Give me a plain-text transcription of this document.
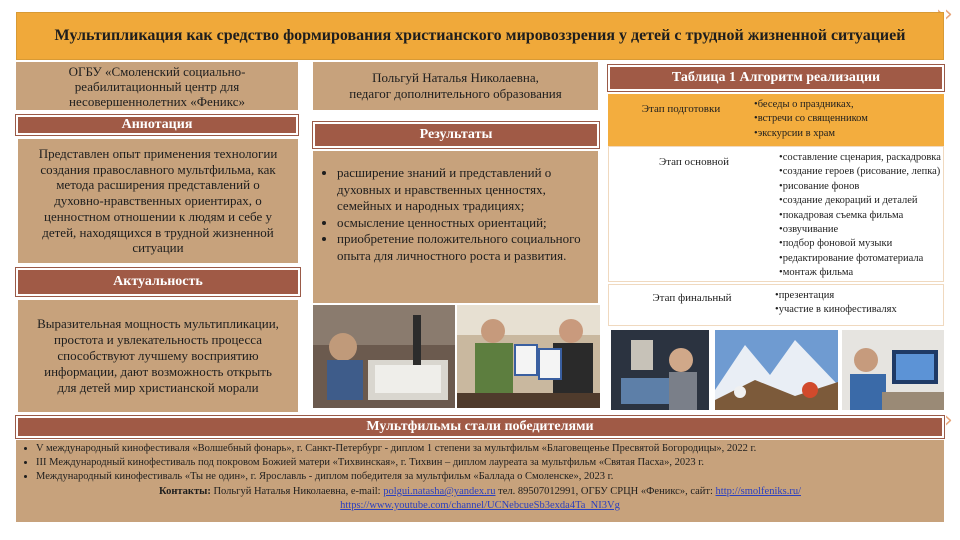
›
›
Мультипликация как средство формирования христианского мировоззрения у детей с трудной жизненной ситуацией
ОГБУ «Смоленский социально-реабилитационный центр для несовершеннолетних «Феникс»
Аннотация
Представлен опыт применения технологии создания православного мультфильма, как метода расширения представлений о духовно-нравственных ориентирах, о ценностном отношении к людям и себе у детей, находящихся в трудной жизненной ситуации
Актуальность
Выразительная мощность мультипликации, простота и увлекательность процесса способствуют лучшему восприятию информации, дают возможность открыть для детей мир христианской морали
Польгуй Наталья Николаевна,
педагог дополнительного образования
Результаты
• расширение знаний и представлений о духовных и нравственных ценностях, семейных и народных традициях;
• осмысление ценностных ориентаций;
• приобретение положительного социального опыта для личностного роста и развития.
Таблица 1 Алгоритм реализации
Этап подготовки	• беседы о праздниках,
• встречи со священником
• экскурсии в храм
Этап основной	• составление сценария, раскадровка
• создание героев (рисование, лепка)
• рисование фонов
• создание декораций и деталей
• покадровая съемка фильма
• озвучивание
• подбор фоновой музыки
• редактирование фотоматериала
• монтаж фильма
Этап финальный	• презентация
• участие в кинофестивалях
Мультфильмы стали победителями
• V международный кинофестиваля «Волшебный фонарь», г. Санкт-Петербург - диплом 1 степени за мультфильм «Благовещенье Пресвятой Богородицы», 2022 г.
• III Международный кинофестиваль под покровом Божией матери «Тихвинская», г. Тихвин – диплом лауреата за мультфильм «Святая Пасха», 2023 г.
• Международный кинофестиваль «Ты не один», г. Ярославль - диплом победителя за мультфильм «Баллада о Смоленске», 2023 г.
Контакты: Польгуй Наталья Николаевна, e-mail: polgui.natasha@yandex.ru тел. 89507012991, ОГБУ СРЦН «Феникс», сайт: http://smolfeniks.ru/
https://www.youtube.com/channel/UCNebcueSb3exda4Ta_NI3Vg
